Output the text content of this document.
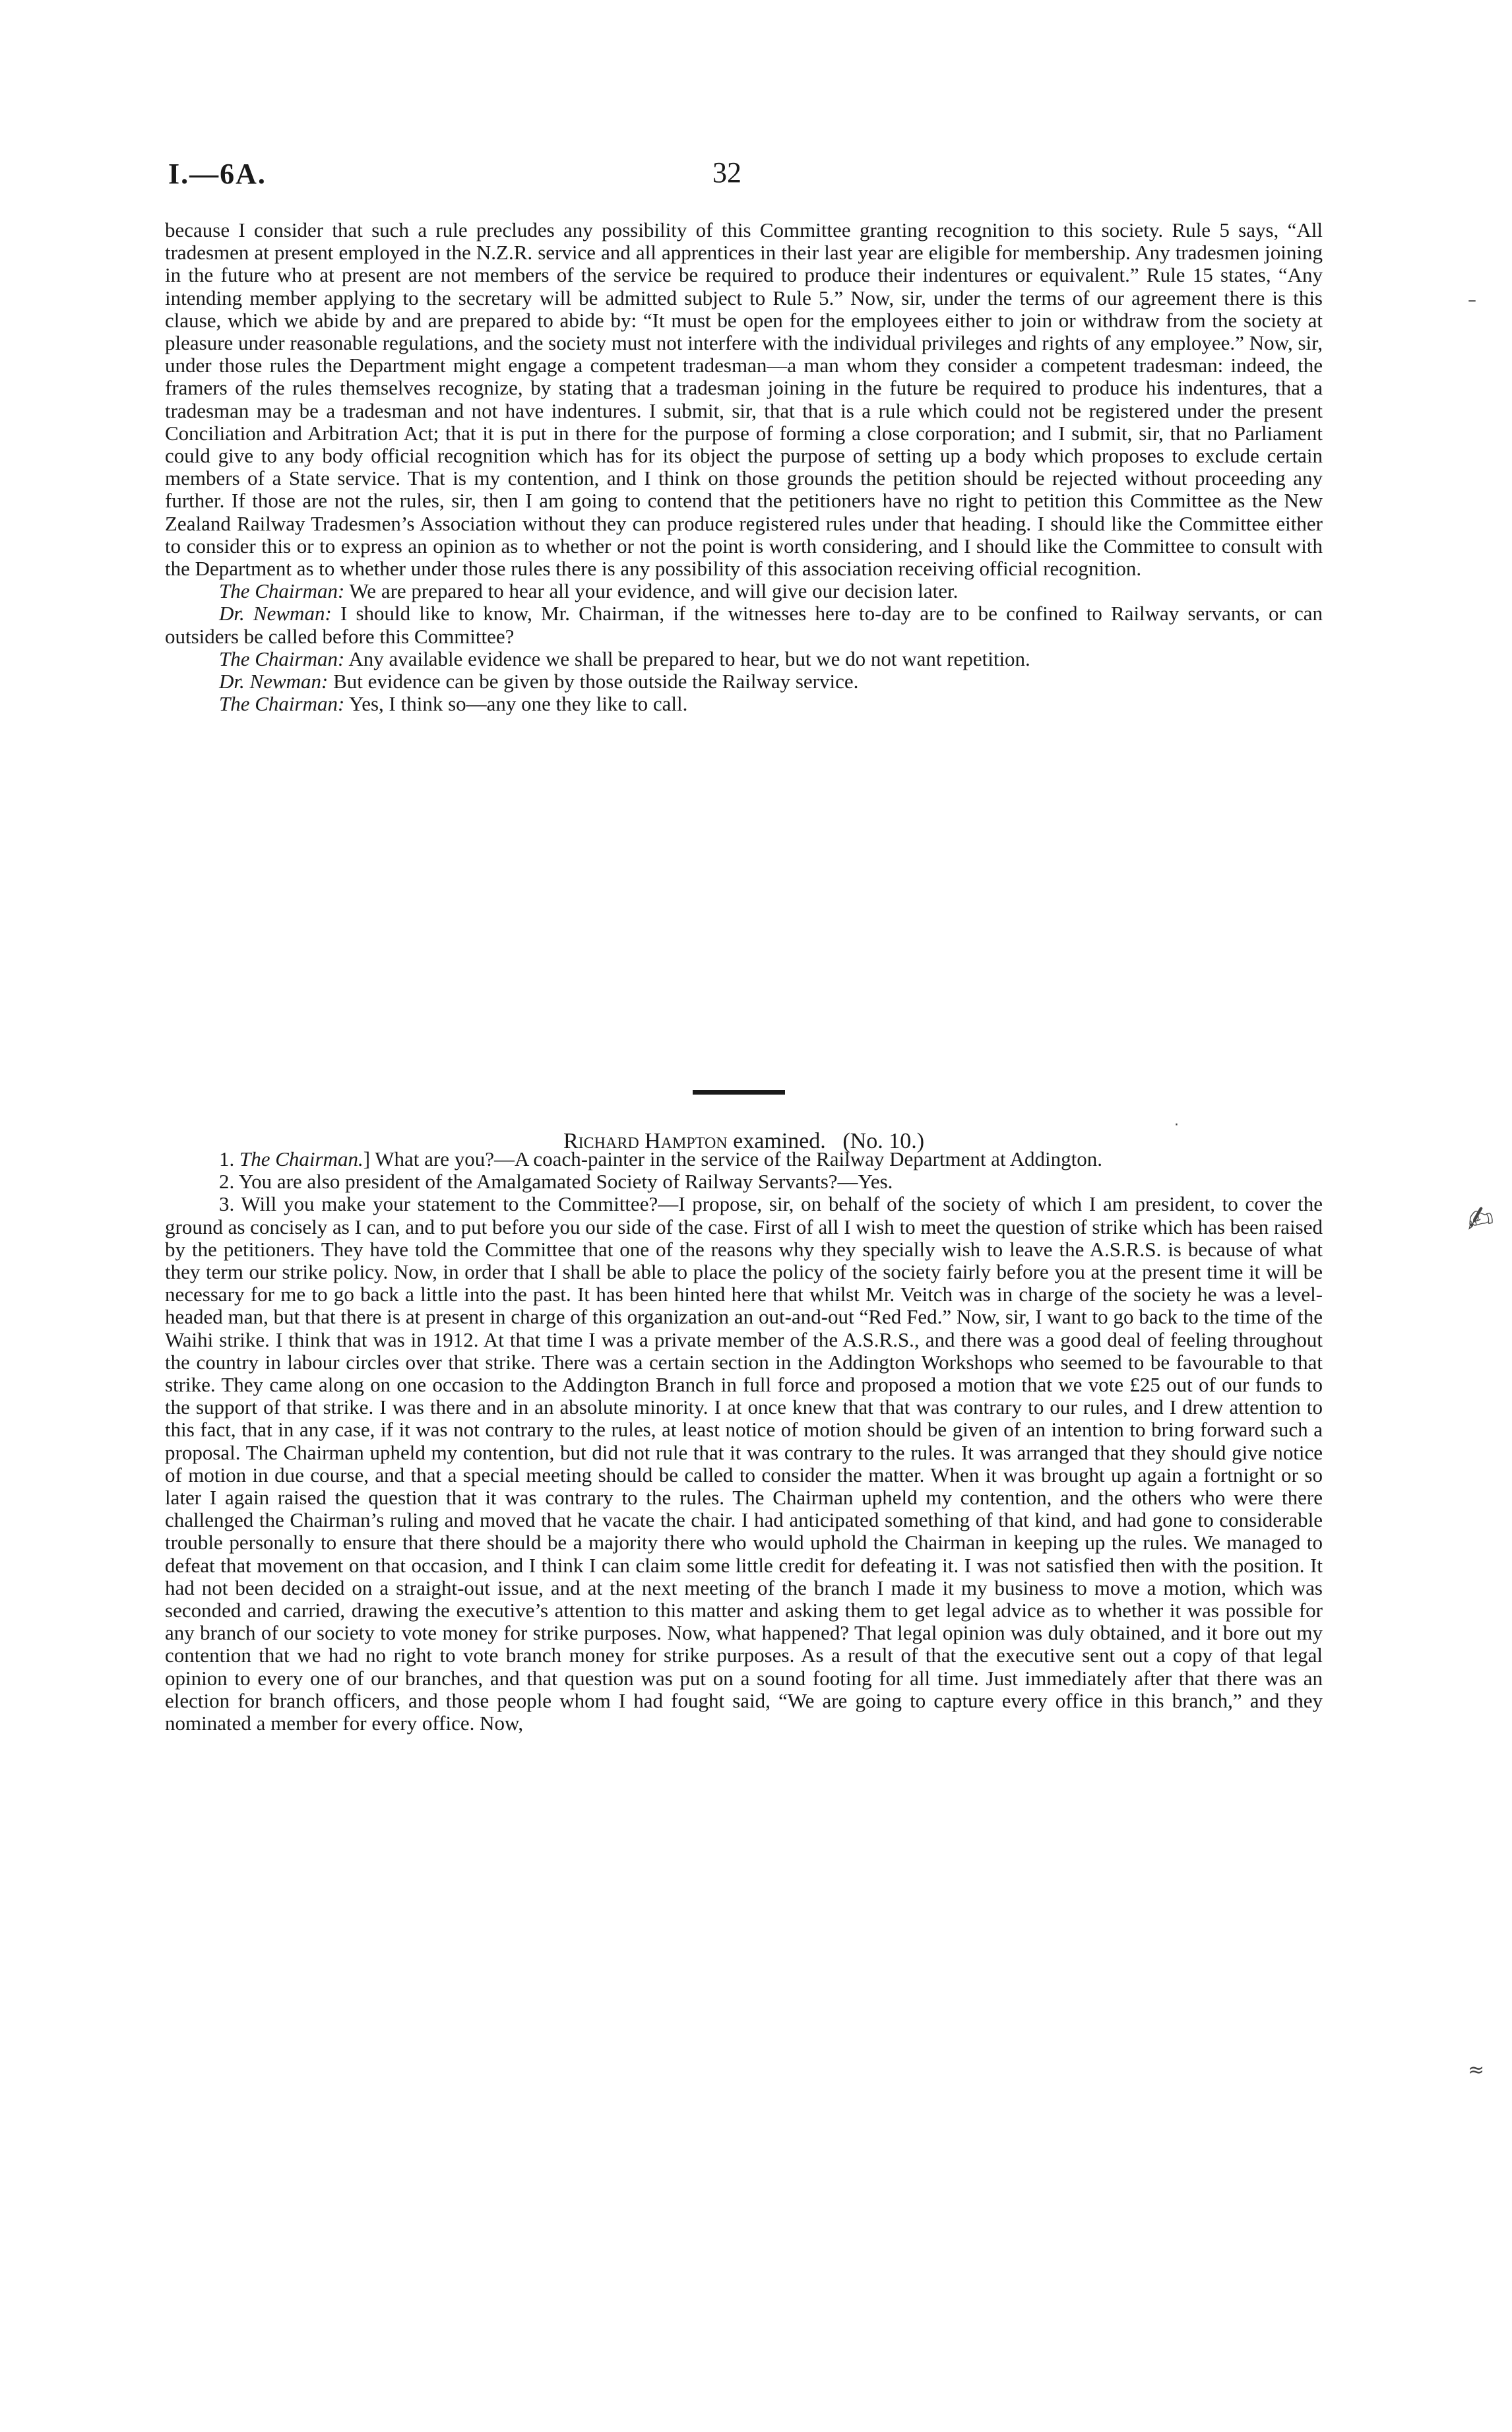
I.—6A.	32

because I consider that such a rule precludes any possibility of this Committee granting recognition to this society. Rule 5 says, “All tradesmen at present employed in the N.Z.R. service and all apprentices in their last year are eligible for membership. Any tradesmen joining in the future who at present are not members of the service be required to produce their indentures or equivalent.” Rule 15 states, “Any intending member applying to the secretary will be admitted subject to Rule 5.” Now, sir, under the terms of our agreement there is this clause, which we abide by and are prepared to abide by: “It must be open for the employees either to join or withdraw from the society at pleasure under reasonable regulations, and the society must not interfere with the individual privileges and rights of any employee.” Now, sir, under those rules the Department might engage a competent tradesman—a man whom they consider a competent tradesman: indeed, the framers of the rules themselves recognize, by stating that a tradesman joining in the future be required to produce his indentures, that a tradesman may be a tradesman and not have indentures. I submit, sir, that that is a rule which could not be registered under the present Conciliation and Arbitration Act; that it is put in there for the purpose of forming a close corporation; and I submit, sir, that no Parliament could give to any body official recognition which has for its object the purpose of setting up a body which proposes to exclude certain members of a State service. That is my contention, and I think on those grounds the petition should be rejected without proceeding any further. If those are not the rules, sir, then I am going to contend that the petitioners have no right to petition this Committee as the New Zealand Railway Tradesmen’s Association without they can produce registered rules under that heading. I should like the Committee either to consider this or to express an opinion as to whether or not the point is worth considering, and I should like the Committee to consult with the Department as to whether under those rules there is any possibility of this association receiving official recognition.

The Chairman: We are prepared to hear all your evidence, and will give our decision later.

Dr. Newman: I should like to know, Mr. Chairman, if the witnesses here to-day are to be confined to Railway servants, or can outsiders be called before this Committee?

The Chairman: Any available evidence we shall be prepared to hear, but we do not want repetition.

Dr. Newman: But evidence can be given by those outside the Railway service.

The Chairman: Yes, I think so—any one they like to call.

Richard Hampton examined. (No. 10.)

1. The Chairman.] What are you?—A coach-painter in the service of the Railway Department at Addington.

2. You are also president of the Amalgamated Society of Railway Servants?—Yes.

3. Will you make your statement to the Committee?—I propose, sir, on behalf of the society of which I am president, to cover the ground as concisely as I can, and to put before you our side of the case. First of all I wish to meet the question of strike which has been raised by the petitioners. They have told the Committee that one of the reasons why they specially wish to leave the A.S.R.S. is because of what they term our strike policy. Now, in order that I shall be able to place the policy of the society fairly before you at the present time it will be necessary for me to go back a little into the past. It has been hinted here that whilst Mr. Veitch was in charge of the society he was a level-headed man, but that there is at present in charge of this organization an out-and-out “Red Fed.” Now, sir, I want to go back to the time of the Waihi strike. I think that was in 1912. At that time I was a private member of the A.S.R.S., and there was a good deal of feeling throughout the country in labour circles over that strike. There was a certain section in the Addington Workshops who seemed to be favourable to that strike. They came along on one occasion to the Addington Branch in full force and proposed a motion that we vote £25 out of our funds to the support of that strike. I was there and in an absolute minority. I at once knew that that was contrary to our rules, and I drew attention to this fact, that in any case, if it was not contrary to the rules, at least notice of motion should be given of an intention to bring forward such a proposal. The Chairman upheld my contention, but did not rule that it was contrary to the rules. It was arranged that they should give notice of motion in due course, and that a special meeting should be called to consider the matter. When it was brought up again a fortnight or so later I again raised the question that it was contrary to the rules. The Chairman upheld my contention, and the others who were there challenged the Chairman’s ruling and moved that he vacate the chair. I had anticipated something of that kind, and had gone to considerable trouble personally to ensure that there should be a majority there who would uphold the Chairman in keeping up the rules. We managed to defeat that movement on that occasion, and I think I can claim some little credit for defeating it. I was not satisfied then with the position. It had not been decided on a straight-out issue, and at the next meeting of the branch I made it my business to move a motion, which was seconded and carried, drawing the executive’s attention to this matter and asking them to get legal advice as to whether it was possible for any branch of our society to vote money for strike purposes. Now, what happened? That legal opinion was duly obtained, and it bore out my contention that we had no right to vote branch money for strike purposes. As a result of that the executive sent out a copy of that legal opinion to every one of our branches, and that question was put on a sound footing for all time. Just immediately after that there was an election for branch officers, and those people whom I had fought said, “We are going to capture every office in this branch,” and they nominated a member for every office. Now,

–
✍
≈
·
